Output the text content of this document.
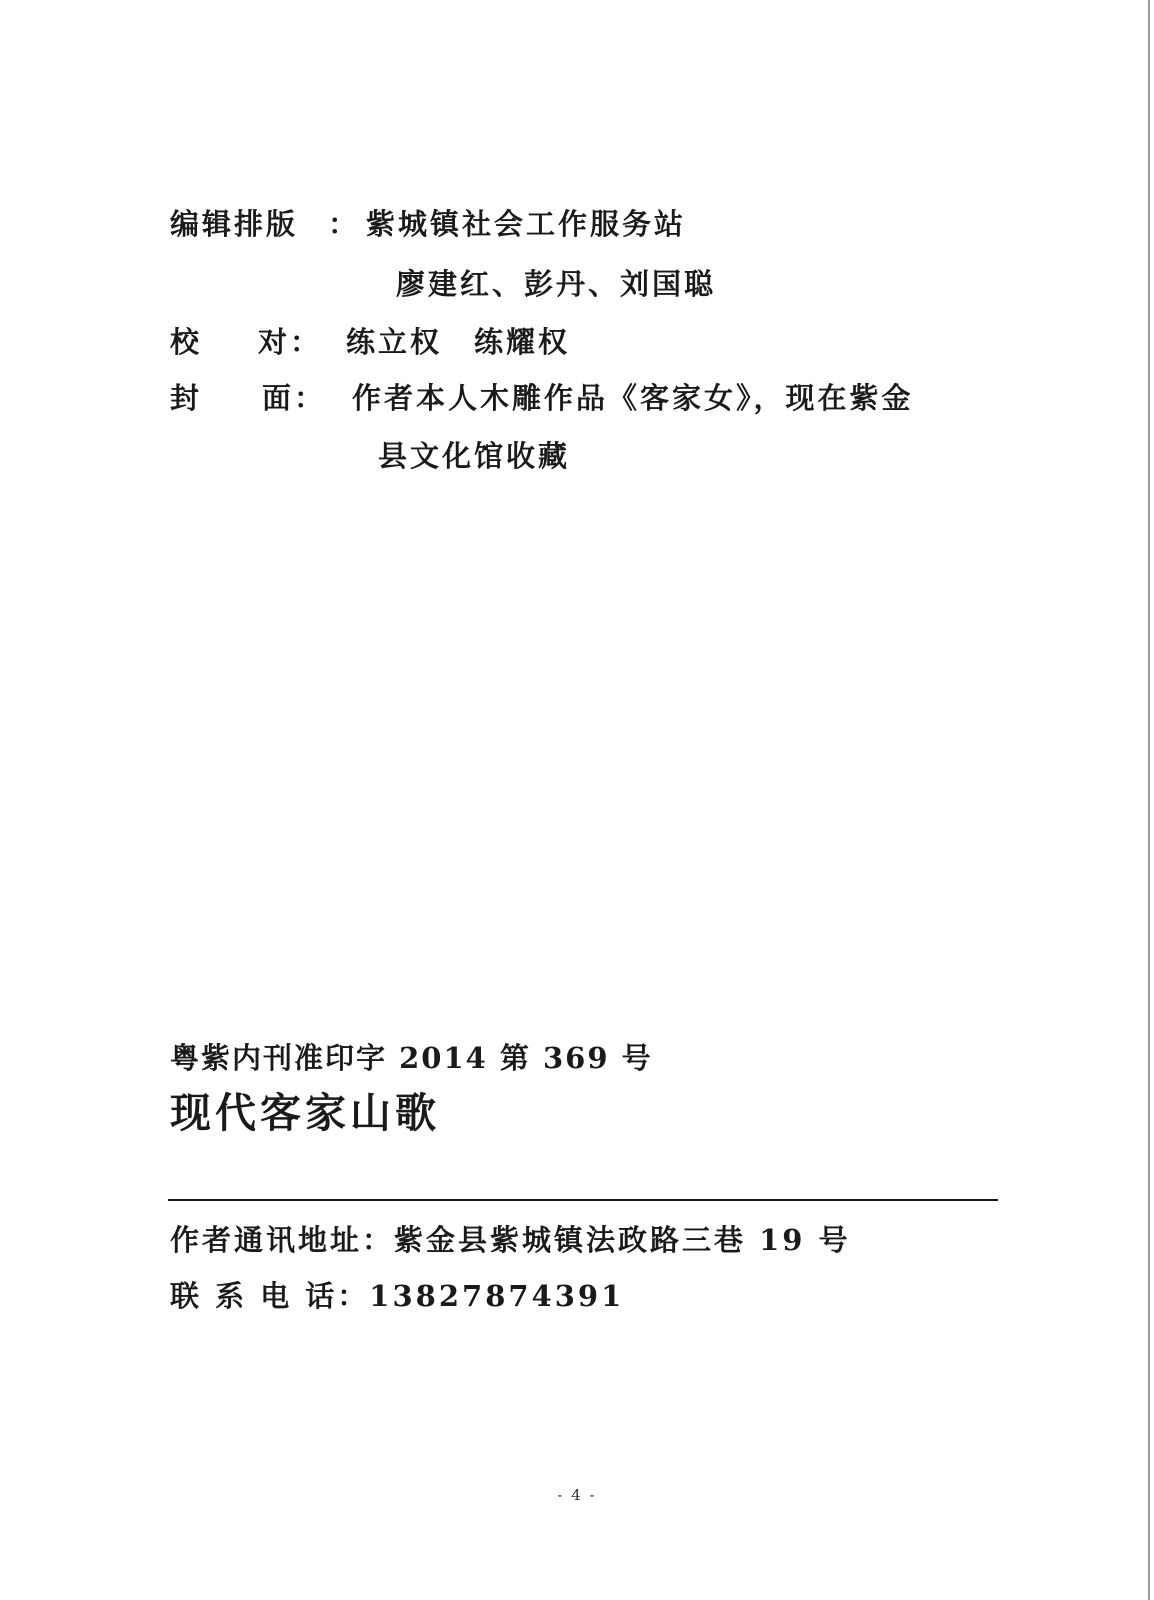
编辑排版 ： 紫城镇社会工作服务站
廖建红、彭丹、刘国聪
校 对 ： 练立权　练耀权
封 面 ： 作者本人木雕作品《客家女》，现在紫金
县文化馆收藏
粤紫内刊准印字 2014 第 369 号
现代客家山歌
作者通讯地址：紫金县紫城镇法政路三巷 19 号
联 系 电 话：13827874391
- 4 -
